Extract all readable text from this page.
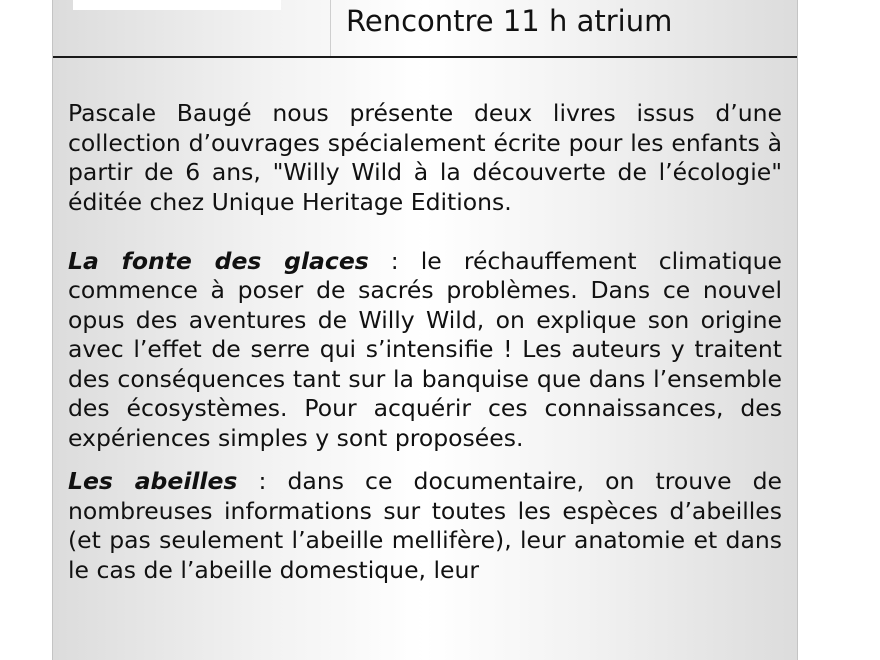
Rencontre 11 h atrium

Pascale Baugé nous présente deux livres issus d’une collection d’ouvrages spécialement écrite pour les enfants à partir de 6 ans, "Willy Wild à la découverte de l’écologie" éditée chez Unique Heritage Editions.

La fonte des glaces : le réchauffement climatique commence à poser de sacrés problèmes. Dans ce nouvel opus des aventures de Willy Wild, on explique son origine avec l’effet de serre qui s’intensifie ! Les auteurs y traitent des conséquences tant sur la banquise que dans l’ensemble des écosystèmes. Pour acquérir ces connaissances, des expériences simples y sont proposées.

Les abeilles : dans ce documentaire, on trouve de nombreuses informations sur toutes les espèces d’abeilles (et pas seulement l’abeille mellifère), leur anatomie et dans le cas de l’abeille domestique, leur
